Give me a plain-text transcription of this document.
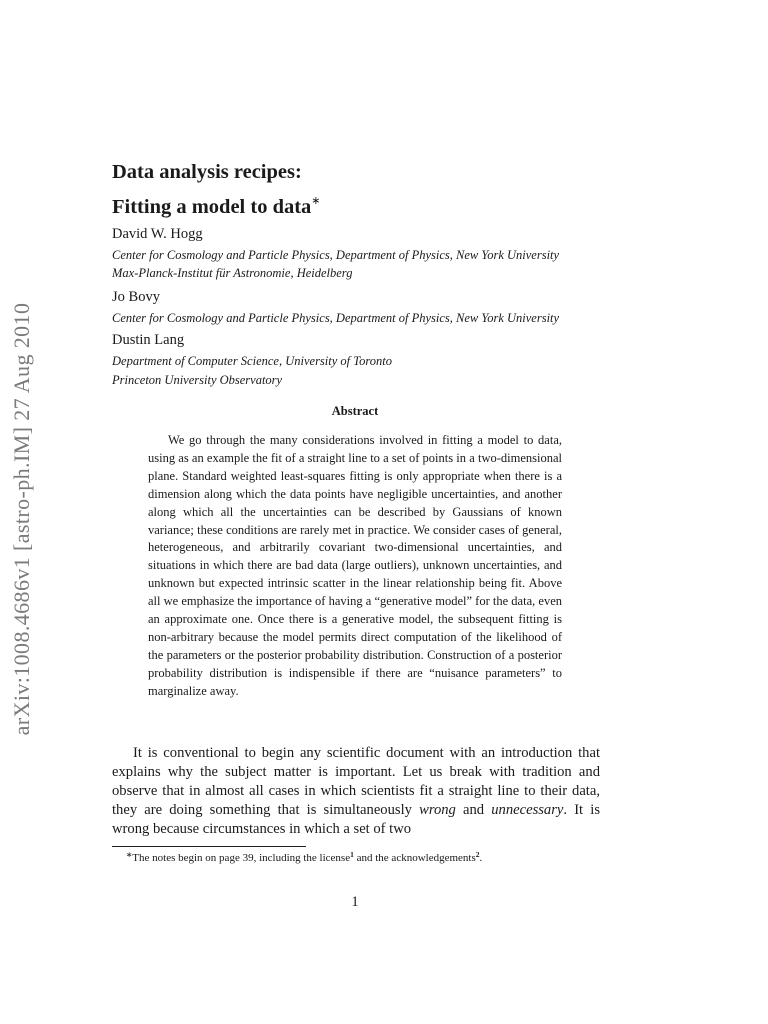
arXiv:1008.4686v1 [astro-ph.IM] 27 Aug 2010
Data analysis recipes:
Fitting a model to data∗

David W. Hogg

Center for Cosmology and Particle Physics, Department of Physics, New York University

Max-Planck-Institut für Astronomie, Heidelberg

Jo Bovy

Center for Cosmology and Particle Physics, Department of Physics, New York University

Dustin Lang

Department of Computer Science, University of Toronto

Princeton University Observatory

Abstract

We go through the many considerations involved in fitting a model to data, using as an example the fit of a straight line to a set of points in a two-dimensional plane. Standard weighted least-squares fitting is only appropriate when there is a dimension along which the data points have negligible uncertainties, and another along which all the uncertainties can be described by Gaussians of known variance; these conditions are rarely met in practice. We consider cases of general, heterogeneous, and arbitrarily covariant two-dimensional uncertainties, and situations in which there are bad data (large outliers), unknown uncertainties, and unknown but expected intrinsic scatter in the linear relationship being fit. Above all we emphasize the importance of having a “generative model” for the data, even an approximate one. Once there is a generative model, the subsequent fitting is non-arbitrary because the model permits direct computation of the likelihood of the parameters or the posterior probability distribution. Construction of a posterior probability distribution is indispensible if there are “nuisance parameters” to marginalize away.

It is conventional to begin any scientific document with an introduction that explains why the subject matter is important. Let us break with tradition and observe that in almost all cases in which scientists fit a straight line to their data, they are doing something that is simultaneously wrong and unnecessary. It is wrong because circumstances in which a set of two

∗The notes begin on page 39, including the license$^1$ and the acknowledgements$^2$.

1
